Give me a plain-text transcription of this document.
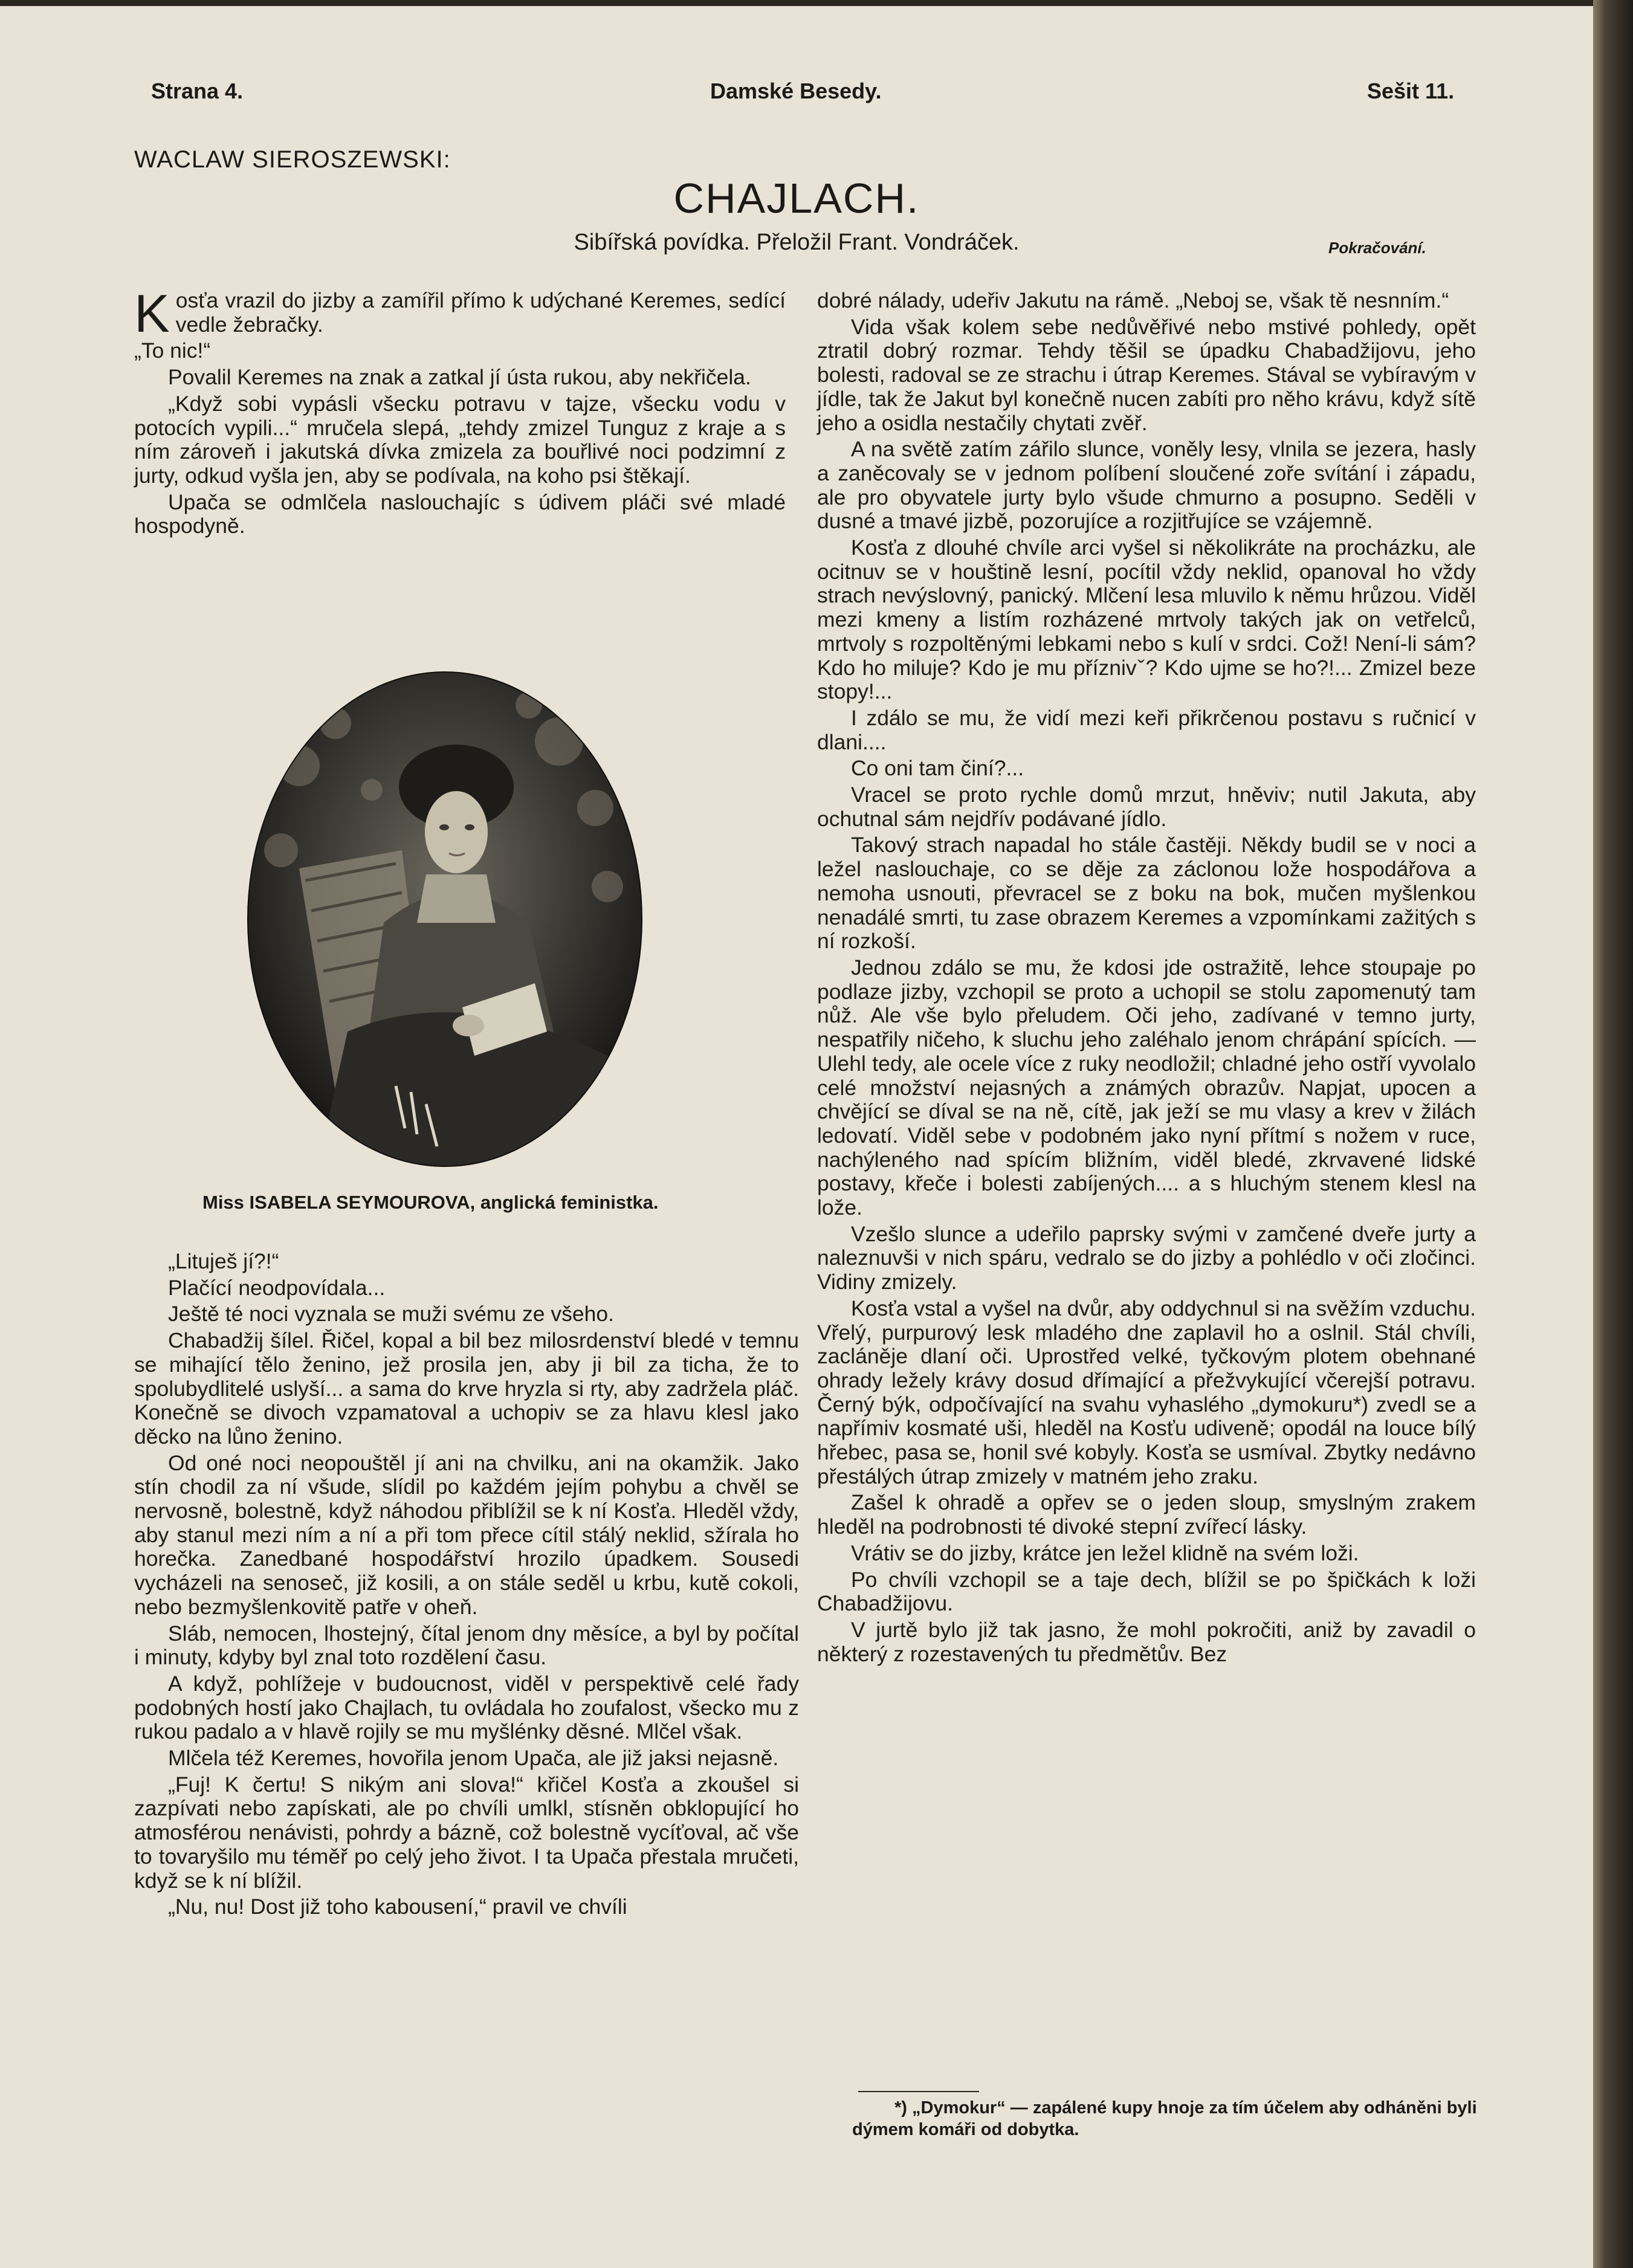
Strana 4.	Damské Besedy.	Sešit 11.
WACLAW SIEROSZEWSKI:
CHAJLACH.
Sibířská povídka. Přeložil Frant. Vondráček.	Pokračování.

Kosťa vrazil do jizby a zamířil přímo k udýchané Keremes, sedící vedle žebračky.

„To nic!“

Povalil Keremes na znak a zatkal jí ústa rukou, aby nekřičela.

„Když sobi vypásli všecku potravu v tajze, všecku vodu v potocích vypili...“ mručela slepá, „tehdy zmizel Tunguz z kraje a s ním zároveň i jakutská dívka zmizela za bouřlivé noci podzimní z jurty, odkud vyšla jen, aby se podívala, na koho psi štěkají.

Upača se odmlčela naslouchajíc s údivem pláči své mladé hospodyně.

Miss ISABELA SEYMOUROVA, anglická feministka.

„Lituješ jí?!“

Plačící neodpovídala...

Ještě té noci vyznala se muži svému ze všeho.

Chabadžij šílel. Řičel, kopal a bil bez milosrdenství bledé v temnu se mihající tělo ženino, jež prosila jen, aby ji bil za ticha, že to spolubydlitelé uslyší... a sama do krve hryzla si rty, aby zadržela pláč. Konečně se divoch vzpamatoval a uchopiv se za hlavu klesl jako děcko na lůno ženino.

Od oné noci neopouštěl jí ani na chvilku, ani na okamžik. Jako stín chodil za ní všude, slídil po každém jejím pohybu a chvěl se nervosně, bolestně, když náhodou přiblížil se k ní Kosťa. Hleděl vždy, aby stanul mezi ním a ní a při tom přece cítil stálý neklid, sžírala ho horečka. Zanedbané hospodářství hrozilo úpadkem. Sousedi vycházeli na senoseč, již kosili, a on stále seděl u krbu, kutě cokoli, nebo bezmyšlenkovitě patře v oheň.

Sláb, nemocen, lhostejný, čítal jenom dny měsíce, a byl by počítal i minuty, kdyby byl znal toto rozdělení času.

A když, pohlížeje v budoucnost, viděl v perspektivě celé řady podobných hostí jako Chajlach, tu ovládala ho zoufalost, všecko mu z rukou padalo a v hlavě rojily se mu myšlénky děsné. Mlčel však.

Mlčela též Keremes, hovořila jenom Upača, ale již jaksi nejasně.

„Fuj! K čertu! S nikým ani slova!“ křičel Kosťa a zkoušel si zazpívati nebo zapískati, ale po chvíli umlkl, stísněn obklopující ho atmosférou nenávisti, pohrdy a bázně, což bolestně vycíťoval, ač vše to tovaryšilo mu téměř po celý jeho život. I ta Upača přestala mručeti, když se k ní blížil.

„Nu, nu! Dost již toho kabousení,“ pravil ve chvíli

dobré nálady, udeřiv Jakutu na rámě. „Neboj se, však tě nesnním.“

Vida však kolem sebe nedůvěřivé nebo mstivé pohledy, opět ztratil dobrý rozmar. Tehdy těšil se úpadku Chabadžijovu, jeho bolesti, radoval se ze strachu i útrap Keremes. Stával se vybíravým v jídle, tak že Jakut byl konečně nucen zabíti pro něho krávu, když sítě jeho a osidla nestačily chytati zvěř.

A na světě zatím zářilo slunce, voněly lesy, vlnila se jezera, hasly a zaněcovaly se v jednom políbení sloučené zoře svítání i západu, ale pro obyvatele jurty bylo všude chmurno a posupno. Seděli v dusné a tmavé jizbě, pozorujíce a rozjitřujíce se vzájemně.

Kosťa z dlouhé chvíle arci vyšel si několikráte na procházku, ale ocitnuv se v houštině lesní, pocítil vždy neklid, opanoval ho vždy strach nevýslovný, panický. Mlčení lesa mluvilo k němu hrůzou. Viděl mezi kmeny a listím rozházené mrtvoly takých jak on vetřelců, mrtvoly s rozpoltěnými lebkami nebo s kulí v srdci. Což! Není-li sám? Kdo ho miluje? Kdo je mu příznivˇ? Kdo ujme se ho?!... Zmizel beze stopy!...

I zdálo se mu, že vidí mezi keři přikrčenou postavu s ručnicí v dlani....

Co oni tam činí?...

Vracel se proto rychle domů mrzut, hněviv; nutil Jakuta, aby ochutnal sám nejdřív podávané jídlo.

Takový strach napadal ho stále častěji. Někdy budil se v noci a ležel naslouchaje, co se děje za záclonou lože hospodářova a nemoha usnouti, převracel se z boku na bok, mučen myšlenkou nenadálé smrti, tu zase obrazem Keremes a vzpomínkami zažitých s ní rozkoší.

Jednou zdálo se mu, že kdosi jde ostražitě, lehce stoupaje po podlaze jizby, vzchopil se proto a uchopil se stolu zapomenutý tam nůž. Ale vše bylo přeludem. Oči jeho, zadívané v temno jurty, nespatřily ničeho, k sluchu jeho zaléhalo jenom chrápání spících. — Ulehl tedy, ale ocele více z ruky neodložil; chladné jeho ostří vyvolalo celé množství nejasných a známých obrazův. Napjat, upocen a chvějící se díval se na ně, cítě, jak ježí se mu vlasy a krev v žilách ledovatí. Viděl sebe v podobném jako nyní přítmí s nožem v ruce, nachýleného nad spícím bližním, viděl bledé, zkrvavené lidské postavy, křeče i bolesti zabíjených.... a s hluchým stenem klesl na lože.

Vzešlo slunce a udeřilo paprsky svými v zamčené dveře jurty a naleznuvši v nich spáru, vedralo se do jizby a pohlédlo v oči zločinci. Vidiny zmizely.

Kosťa vstal a vyšel na dvůr, aby oddychnul si na svěžím vzduchu. Vřelý, purpurový lesk mladého dne zaplavil ho a oslnil. Stál chvíli, zacláněje dlaní oči. Uprostřed velké, tyčkovým plotem obehnané ohrady ležely krávy dosud dřímající a přežvykující včerejší potravu. Černý býk, odpočívající na svahu vyhaslého „dymokuru*) zvedl se a napřímiv kosmaté uši, hleděl na Kosťu udiveně; opodál na louce bílý hřebec, pasa se, honil své kobyly. Kosťa se usmíval. Zbytky nedávno přestálých útrap zmizely v matném jeho zraku.

Zašel k ohradě a opřev se o jeden sloup, smyslným zrakem hleděl na podrobnosti té divoké stepní zvířecí lásky.

Vrátiv se do jizby, krátce jen ležel klidně na svém loži.

Po chvíli vzchopil se a taje dech, blížil se po špičkách k loži Chabadžijovu.

V jurtě bylo již tak jasno, že mohl pokročiti, aniž by zavadil o některý z rozestavených tu předmětův. Bez

*) „Dymokur“ — zapálené kupy hnoje za tím účelem aby odháněni byli dýmem komáři od dobytka.
